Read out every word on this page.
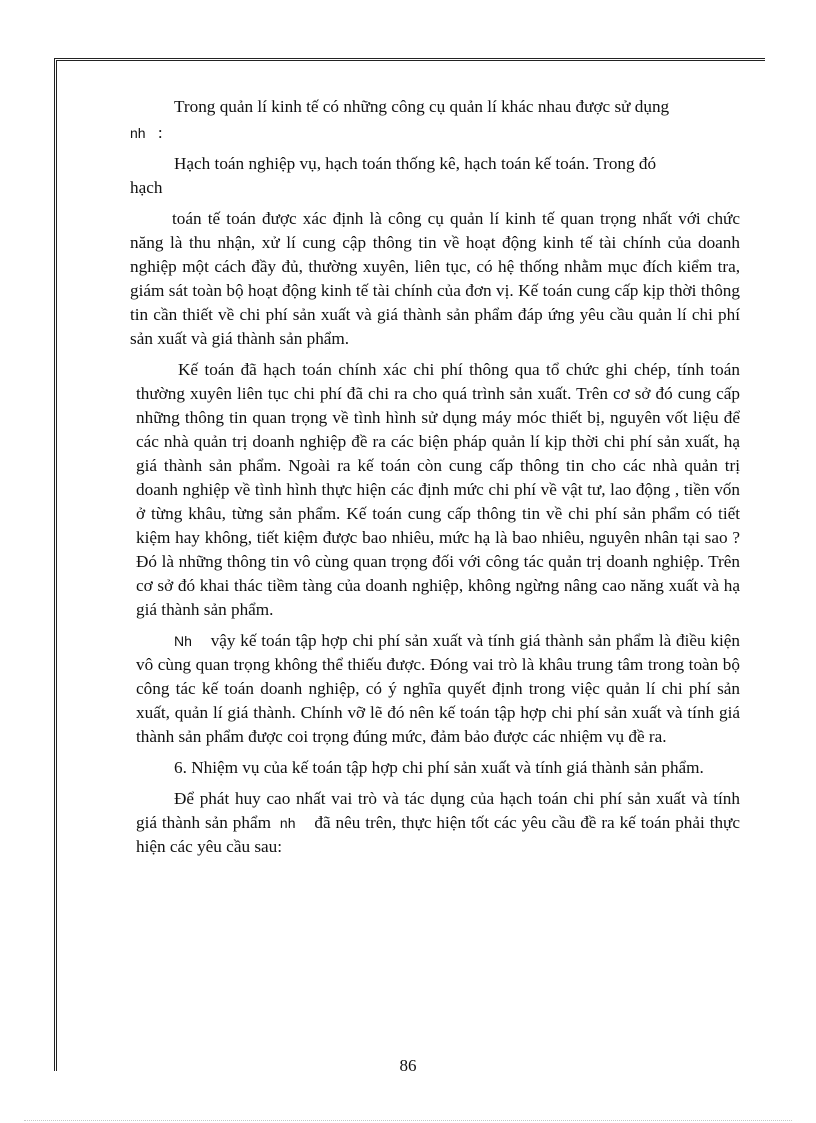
Trong quản lí kinh tế có những công cụ quản lí khác nhau được sử dụng

nh :

Hạch toán nghiệp vụ, hạch toán thống kê, hạch toán kế toán. Trong đó

hạch

toán tế toán được xác định là công cụ quản lí kinh tế quan trọng nhất với chức năng là thu nhận, xử lí cung cập thông tin về hoạt động kinh tế tài chính của doanh nghiệp một cách đầy đủ, thường xuyên, liên tục, có hệ thống nhằm mục đích kiểm tra, giám sát toàn bộ hoạt động kinh tế tài chính của đơn vị. Kế toán cung cấp kịp thời thông tin cần thiết về chi phí sản xuất và giá thành sản phẩm đáp ứng yêu cầu quản lí chi phí sản xuất và giá thành sản phẩm.

Kế toán đã hạch toán chính xác chi phí thông qua tổ chức ghi chép, tính toán thường xuyên liên tục chi phí đã chi ra cho quá trình sản xuất. Trên cơ sở đó cung cấp những thông tin quan trọng về tình hình sử dụng máy móc thiết bị, nguyên vốt liệu để các nhà quản trị doanh nghiệp đề ra các biện pháp quản lí kịp thời chi phí sản xuất, hạ giá thành sản phẩm. Ngoài ra kế toán còn cung cấp thông tin cho các nhà quản trị doanh nghiệp về tình hình thực hiện các định mức chi phí về vật tư, lao động , tiền vốn ở từng khâu, từng sản phẩm. Kế toán cung cấp thông tin về chi phí sản phẩm có tiết kiệm hay không, tiết kiệm được bao nhiêu, mức hạ là bao nhiêu, nguyên nhân tại sao ? Đó là những thông tin vô cùng quan trọng đối với công tác quản trị doanh nghiệp. Trên cơ sở đó khai thác tiềm tàng của doanh nghiệp, không ngừng nâng cao năng xuất và hạ giá thành sản phẩm.

Nh vậy kế toán tập hợp chi phí sản xuất và tính giá thành sản phẩm là điều kiện vô cùng quan trọng không thể thiếu được. Đóng vai trò là khâu trung tâm trong toàn bộ công tác kế toán doanh nghiệp, có ý nghĩa quyết định trong việc quản lí chi phí sản xuất, quản lí giá thành. Chính vỡ lẽ đó nên kế toán tập hợp chi phí sản xuất và tính giá thành sản phẩm được coi trọng đúng mức, đảm bảo được các nhiệm vụ đề ra.

6. Nhiệm vụ của kế toán tập hợp chi phí sản xuất và tính giá thành sản phẩm.

Để phát huy cao nhất vai trò và tác dụng của hạch toán chi phí sản xuất và tính giá thành sản phẩm nh đã nêu trên, thực hiện tốt các yêu cầu đề ra kế toán phải thực hiện các yêu cầu sau:

86
